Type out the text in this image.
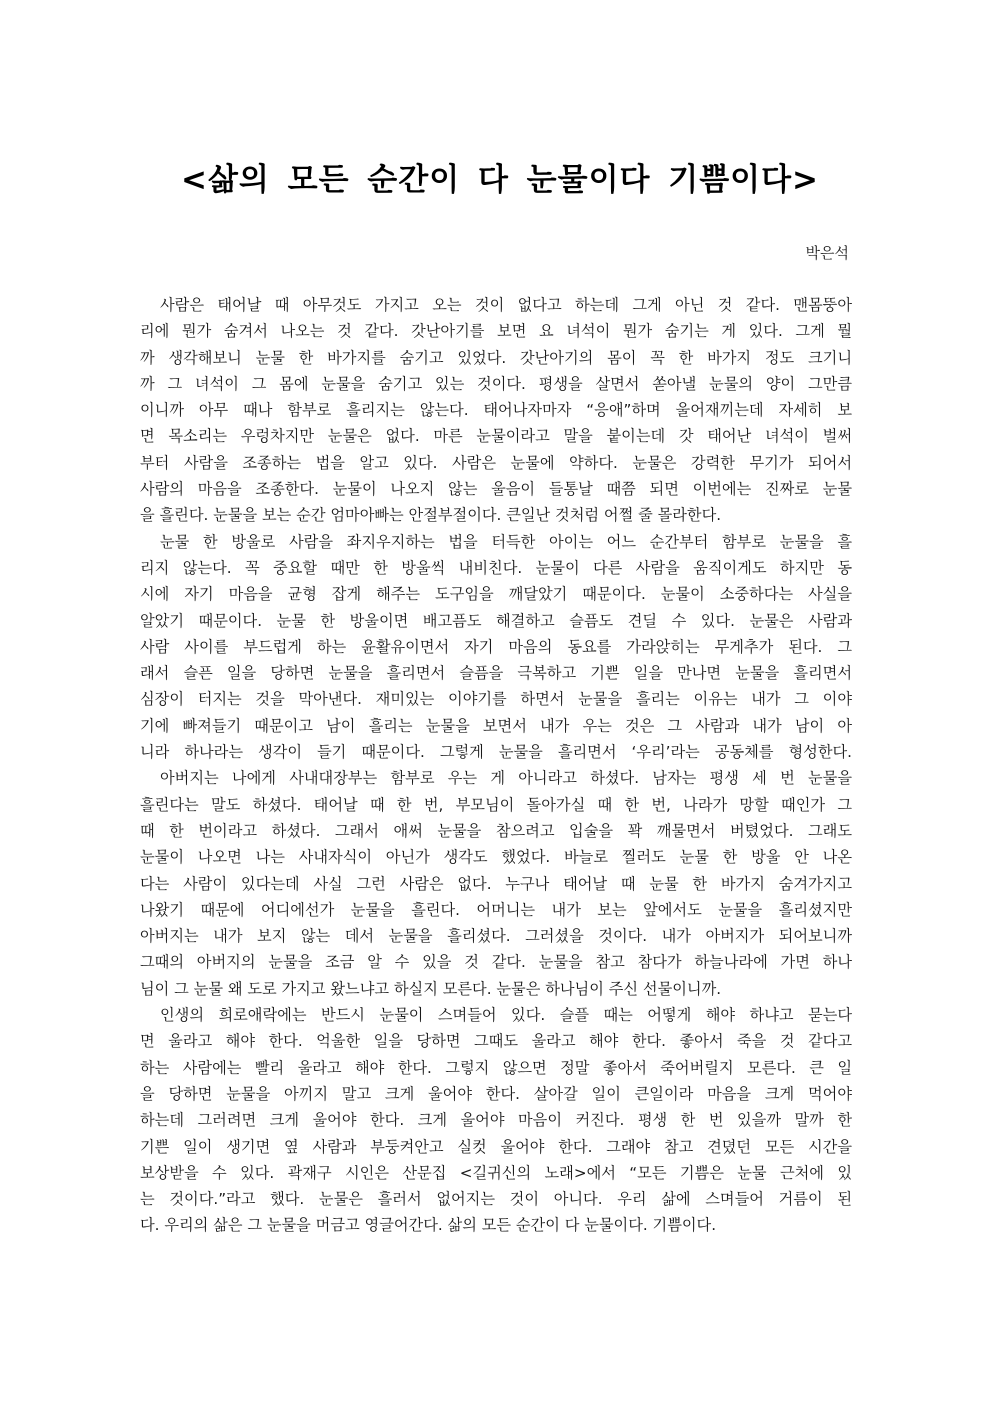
<삶의 모든 순간이 다 눈물이다 기쁨이다>
박은석
사람은 태어날 때 아무것도 가지고 오는 것이 없다고 하는데 그게 아닌 것 같다. 맨몸뚱아
리에 뭔가 숨겨서 나오는 것 같다. 갓난아기를 보면 요 녀석이 뭔가 숨기는 게 있다. 그게 뭘
까 생각해보니 눈물 한 바가지를 숨기고 있었다. 갓난아기의 몸이 꼭 한 바가지 정도 크기니
까 그 녀석이 그 몸에 눈물을 숨기고 있는 것이다. 평생을 살면서 쏟아낼 눈물의 양이 그만큼
이니까 아무 때나 함부로 흘리지는 않는다. 태어나자마자 “응애”하며 울어재끼는데 자세히 보
면 목소리는 우렁차지만 눈물은 없다. 마른 눈물이라고 말을 붙이는데 갓 태어난 녀석이 벌써
부터 사람을 조종하는 법을 알고 있다. 사람은 눈물에 약하다. 눈물은 강력한 무기가 되어서
사람의 마음을 조종한다. 눈물이 나오지 않는 울음이 들통날 때쯤 되면 이번에는 진짜로 눈물
을 흘린다. 눈물을 보는 순간 엄마아빠는 안절부절이다. 큰일난 것처럼 어쩔 줄 몰라한다.
눈물 한 방울로 사람을 좌지우지하는 법을 터득한 아이는 어느 순간부터 함부로 눈물을 흘
리지 않는다. 꼭 중요할 때만 한 방울씩 내비친다. 눈물이 다른 사람을 움직이게도 하지만 동
시에 자기 마음을 균형 잡게 해주는 도구임을 깨달았기 때문이다. 눈물이 소중하다는 사실을
알았기 때문이다. 눈물 한 방울이면 배고픔도 해결하고 슬픔도 견딜 수 있다. 눈물은 사람과
사람 사이를 부드럽게 하는 윤활유이면서 자기 마음의 동요를 가라앉히는 무게추가 된다. 그
래서 슬픈 일을 당하면 눈물을 흘리면서 슬픔을 극복하고 기쁜 일을 만나면 눈물을 흘리면서
심장이 터지는 것을 막아낸다. 재미있는 이야기를 하면서 눈물을 흘리는 이유는 내가 그 이야
기에 빠져들기 때문이고 남이 흘리는 눈물을 보면서 내가 우는 것은 그 사람과 내가 남이 아
니라 하나라는 생각이 들기 때문이다. 그렇게 눈물을 흘리면서 ‘우리’라는 공동체를 형성한다.
아버지는 나에게 사내대장부는 함부로 우는 게 아니라고 하셨다. 남자는 평생 세 번 눈물을
흘린다는 말도 하셨다. 태어날 때 한 번, 부모님이 돌아가실 때 한 번, 나라가 망할 때인가 그
때 한 번이라고 하셨다. 그래서 애써 눈물을 참으려고 입술을 꽉 깨물면서 버텼었다. 그래도
눈물이 나오면 나는 사내자식이 아닌가 생각도 했었다. 바늘로 찔러도 눈물 한 방울 안 나온
다는 사람이 있다는데 사실 그런 사람은 없다. 누구나 태어날 때 눈물 한 바가지 숨겨가지고
나왔기 때문에 어디에선가 눈물을 흘린다. 어머니는 내가 보는 앞에서도 눈물을 흘리셨지만
아버지는 내가 보지 않는 데서 눈물을 흘리셨다. 그러셨을 것이다. 내가 아버지가 되어보니까
그때의 아버지의 눈물을 조금 알 수 있을 것 같다. 눈물을 참고 참다가 하늘나라에 가면 하나
님이 그 눈물 왜 도로 가지고 왔느냐고 하실지 모른다. 눈물은 하나님이 주신 선물이니까.
인생의 희로애락에는 반드시 눈물이 스며들어 있다. 슬플 때는 어떻게 해야 하냐고 묻는다
면 울라고 해야 한다. 억울한 일을 당하면 그때도 울라고 해야 한다. 좋아서 죽을 것 같다고
하는 사람에는 빨리 울라고 해야 한다. 그렇지 않으면 정말 좋아서 죽어버릴지 모른다. 큰 일
을 당하면 눈물을 아끼지 말고 크게 울어야 한다. 살아갈 일이 큰일이라 마음을 크게 먹어야
하는데 그러려면 크게 울어야 한다. 크게 울어야 마음이 커진다. 평생 한 번 있을까 말까 한
기쁜 일이 생기면 옆 사람과 부둥켜안고 실컷 울어야 한다. 그래야 참고 견뎠던 모든 시간을
보상받을 수 있다. 곽재구 시인은 산문집 <길귀신의 노래>에서 “모든 기쁨은 눈물 근처에 있
는 것이다.”라고 했다. 눈물은 흘러서 없어지는 것이 아니다. 우리 삶에 스며들어 거름이 된
다. 우리의 삶은 그 눈물을 머금고 영글어간다. 삶의 모든 순간이 다 눈물이다. 기쁨이다.
